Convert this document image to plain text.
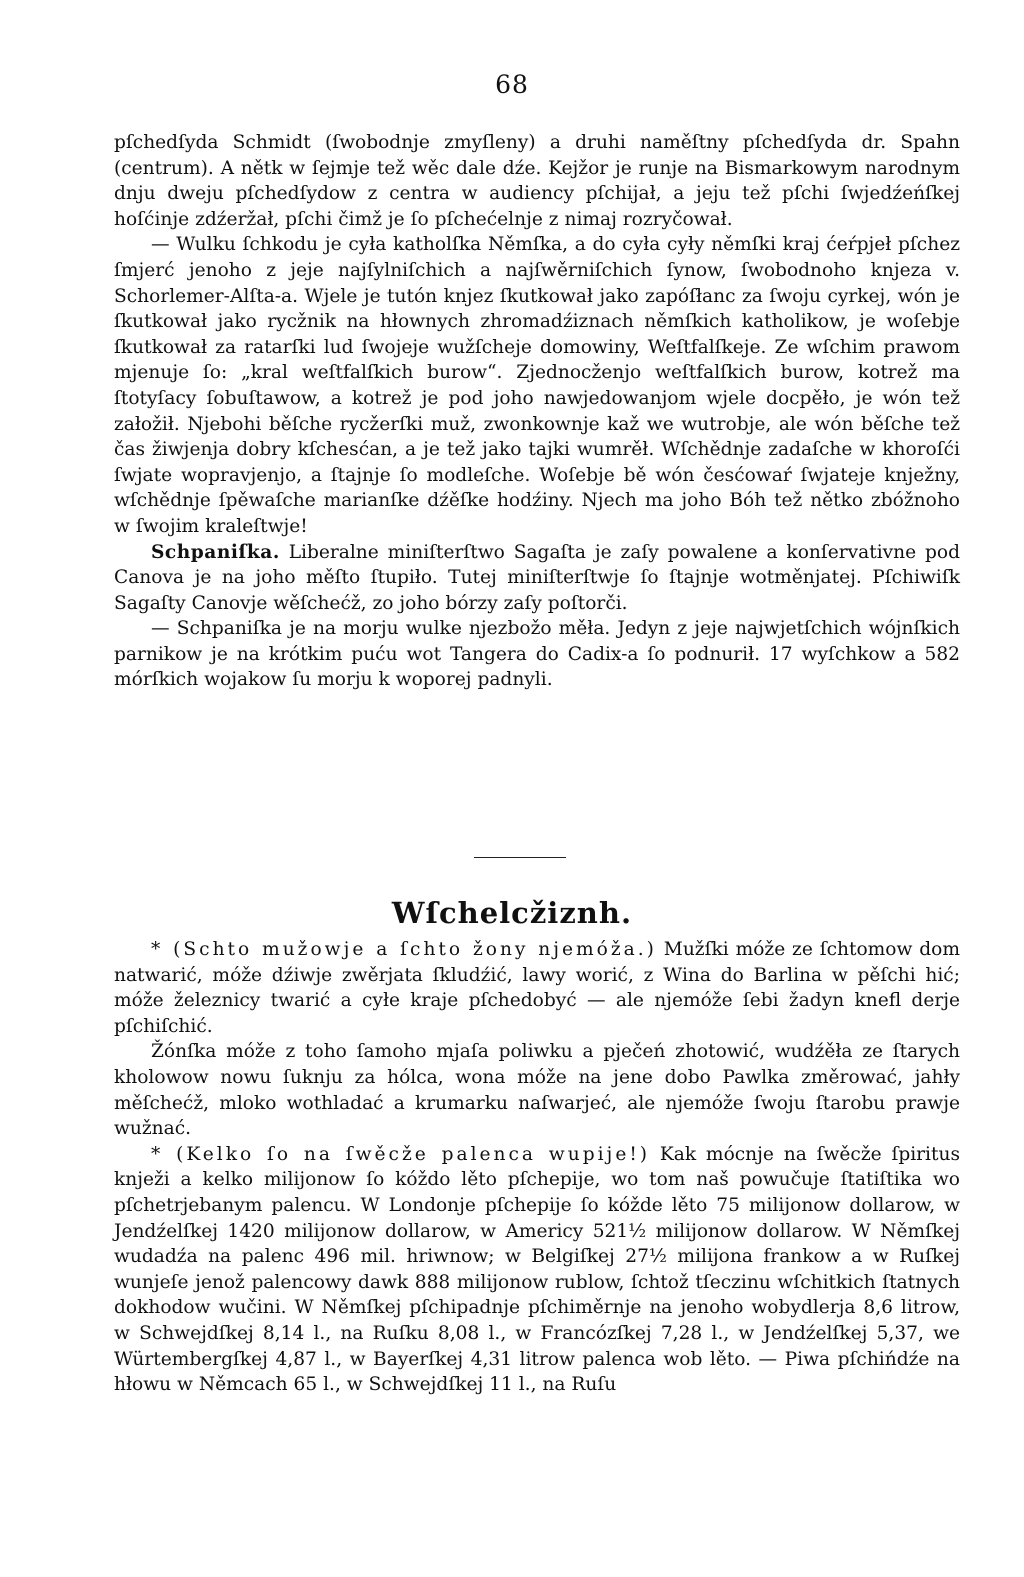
68

pſchedſyda Schmidt (ſwobodnje zmyſleny) a druhi naměſtny pſchedſyda dr. Spahn (centrum). A nětk w ſejmje tež wěc dale dźe. Kejžor je runje na Bismarkowym narodnym dnju dweju pſchedſydow z centra w audiency pſchijał, a jeju tež pſchi ſwjedźeńſkej hoſćinje zdźeržał, pſchi čimž je ſo pſchećelnje z nimaj rozryčował.

— Wulku ſchkodu je cyła katholſka Němſka, a do cyła cyły němſki kraj ćeŕpjeł pſchez ſmjerć jenoho z jeje najſylniſchich a najſwěrniſchich ſynow, ſwobodnoho knjeza v. Schorlemer-Alſta-a. Wjele je tutón knjez ſkutkował jako zapóſłanc za ſwoju cyrkej, wón je ſkutkował jako rycžnik na hłownych zhromadźiznach němſkich katholikow, je woſebje ſkutkował za ratarſki lud ſwojeje wužſcheje domowiny, Weſtfalſkeje. Ze wſchim prawom mjenuje ſo: „kral weſtfalſkich burow“. Zjednocženjo weſtfalſkich burow, kotrež ma ſtotyſacy ſobuſtawow, a kotrež je pod joho nawjedowanjom wjele docpěło, je wón tež załožił. Njebohi běſche rycžerſki muž, zwonkownje kaž we wutrobje, ale wón běſche tež čas žiwjenja dobry kſchesćan, a je tež jako tajki wumrěł. Wſchědnje zadaſche w khoroſći ſwjate wopravjenjo, a ſtajnje ſo modleſche. Woſebje bě wón česćowaŕ ſwjateje knježny, wſchědnje ſpěwaſche marianſke dźěſke hodźiny. Njech ma joho Bóh tež nětko zbóžnoho w ſwojim kraleſtwje!

Schpaniſka. Liberalne miniſterſtwo Sagaſta je zaſy powalene a konſervativne pod Canova je na joho měſto ſtupiło. Tutej miniſterſtwje ſo ſtajnje wotměnjatej. Pſchiwiſk Sagaſty Canovje wěſchećž, zo joho bórzy zaſy poſtorči.

— Schpaniſka je na morju wulke njezbožo měła. Jedyn z jeje najwjetſchich wójnſkich parnikow je na krótkim puću wot Tangera do Cadix-a ſo podnurił. 17 wyſchkow a 582 mórſkich wojakow ſu morju k woporej padnyli.

Wſchelcžiznh.

* (Schto mužowje a ſchto žony njemóža.) Mužſki móže ze ſchtomow dom natwarić, móže dźiwje zwěrjata ſkludźić, lawy worić, z Wina do Barlina w pěſchi hić; móže železnicy twarić a cyłe kraje pſchedobyć — ale njemóže ſebi žadyn knefl derje pſchiſchić.

Žónſka móže z toho ſamoho mjaſa poliwku a pječeń zhotowić, wudźěła ze ſtarych kholowow nowu ſuknju za hólca, wona móže na jene dobo Pawlka změrować, jahły měſchećž, mloko wothladać a krumarku naſwarjeć, ale njemóže ſwoju ſtarobu prawje wužnać.

* (Kelko ſo na ſwěcže palenca wupije!) Kak mócnje na ſwěcže ſpiritus knježi a kelko milijonow ſo kóždo lěto pſchepije, wo tom naš powučuje ſtatiſtika wo pſchetrjebanym palencu. W Londonje pſchepije ſo kóžde lěto 75 milijonow dollarow, w Jendźelſkej 1420 milijonow dollarow, w Americy 521½ milijonow dollarow. W Němſkej wudadźa na palenc 496 mil. hriwnow; w Belgiſkej 27½ milijona frankow a w Ruſkej wunjeſe jenož palencowy dawk 888 milijonow rublow, ſchtož tſeczinu wſchitkich ſtatnych dokhodow wučini. W Němſkej pſchipadnje pſchiměrnje na jenoho wobydlerja 8,6 litrow, w Schwejdſkej 8,14 l., na Ruſku 8,08 l., w Francózſkej 7,28 l., w Jendźelſkej 5,37, we Würtembergſkej 4,87 l., w Bayerſkej 4,31 litrow palenca wob lěto. — Piwa pſchińdźe na hłowu w Němcach 65 l., w Schwejdſkej 11 l., na Ruſu
